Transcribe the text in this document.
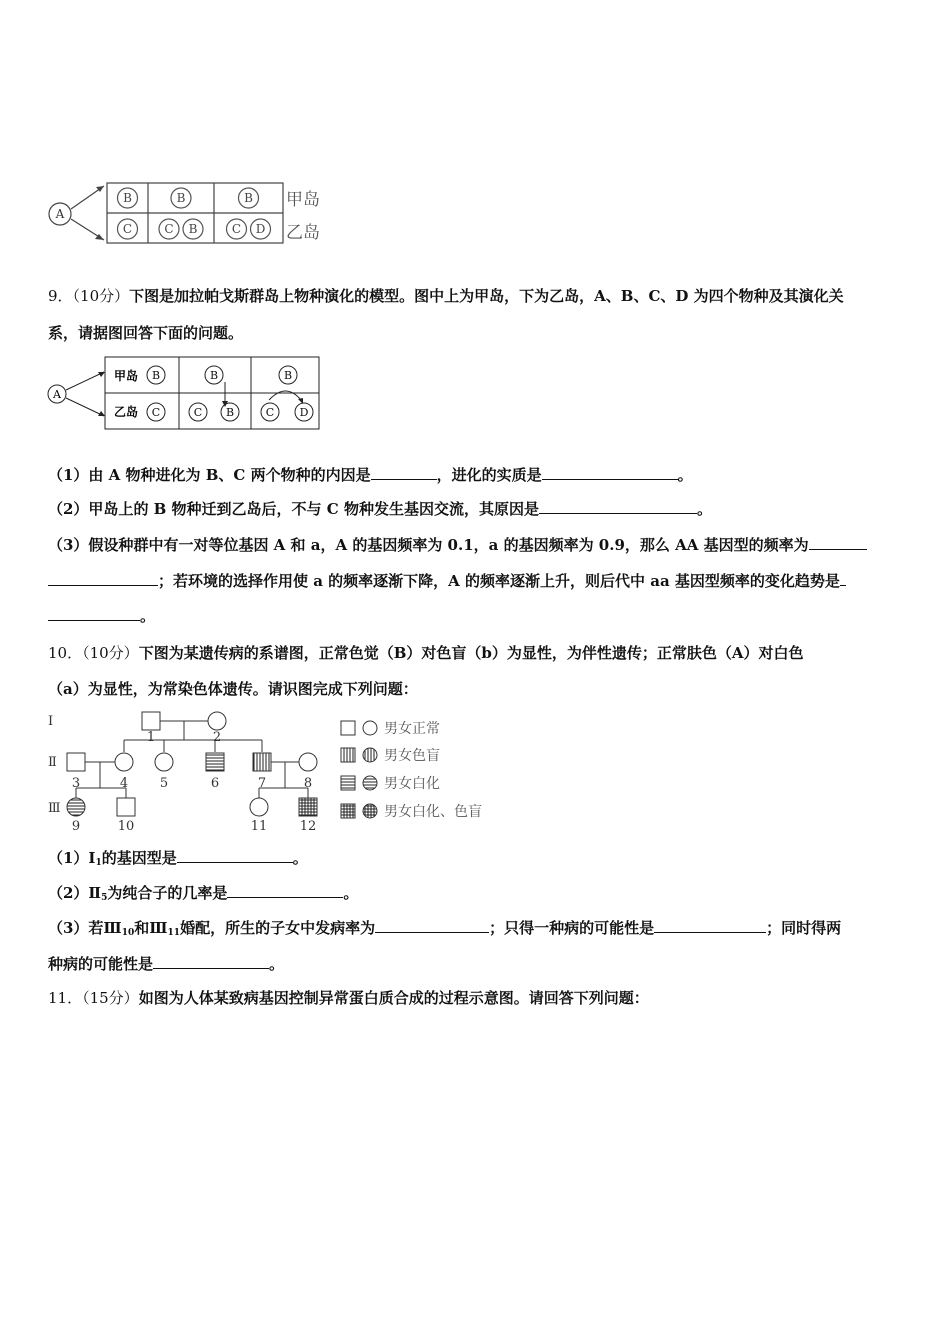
A
B	B	B
C	C B	C D
甲岛
乙岛
9．（10分）下图是加拉帕戈斯群岛上物种演化的模型。图中上为甲岛，下为乙岛，A、B、C、D 为四个物种及其演化关
系，请据图回答下面的问题。
A
甲岛
乙岛
B	B	B
C	C B	C D
（1）由 A 物种进化为 B、C 两个物种的内因是	，进化的实质是	。
（2）甲岛上的 B 物种迁到乙岛后，不与 C 物种发生基因交流，其原因是	。
（3）假设种群中有一对等位基因 A 和 a，A 的基因频率为 0.1，a 的基因频率为 0.9，那么 AA 基因型的频率为
；若环境的选择作用使 a 的频率逐渐下降，A 的频率逐渐上升，则后代中 aa 基因型频率的变化趋势是
。
10．（10分）下图为某遗传病的系谱图，正常色觉（B）对色盲（b）为显性，为伴性遗传；正常肤色（A）对白色
（a）为显性，为常染色体遗传。请识图完成下列问题：
Ⅰ
Ⅱ
Ⅲ
1	2
3	4 5	6	7	8
9	10	11 12
男女正常
男女色盲
男女白化
男女白化、色盲
$(1)Ⅰ_1$的基因型是	。
$(2)Ⅱ_5$为纯合子的几率是	。
（3）若$Ⅲ_{10}$和$Ⅲ_{11}$婚配，所生的子女中发病率为	；只得一种病的可能性是	；同时得两
种病的可能性是	。
11．（15分）如图为人体某致病基因控制异常蛋白质合成的过程示意图。请回答下列问题：
